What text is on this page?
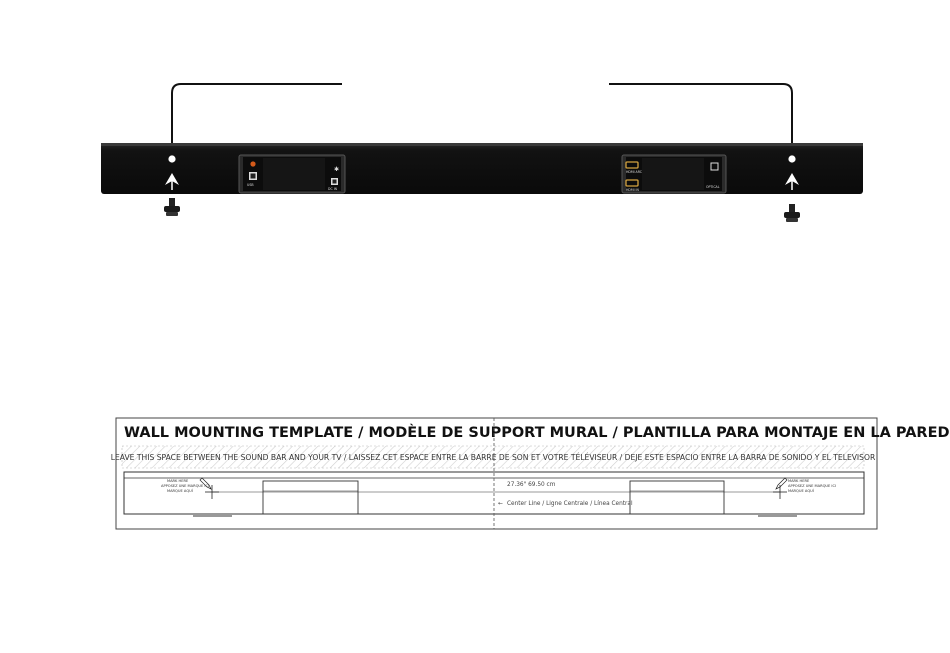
USB
✱
DC IN
HDMI ARC
HDMI IN
OPTICAL
WALL MOUNTING TEMPLATE / MODÈLE DE SUPPORT MURAL / PLANTILLA PARA MONTAJE EN LA PARED
LEAVE THIS SPACE BETWEEN THE SOUND BAR AND YOUR TV / LAISSEZ CET ESPACE ENTRE LA BARRE DE SON ET VOTRE TÉLÉVISEUR / DEJE ESTE ESPACIO ENTRE LA BARRA DE SONIDO Y EL TELEVISOR
27.36" 69.50 cm
← Center Line / Ligne Centrale / Línea Central
MARK HERE
APPOSEZ UNE MARQUE ICI
MARQUE AQUÍ
MARK HERE
APPOSEZ UNE MARQUE ICI
MARQUE AQUÍ
